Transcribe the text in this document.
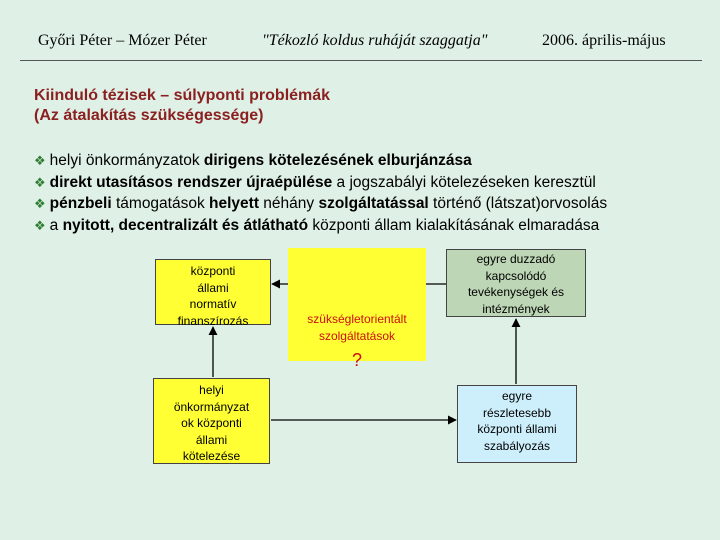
Győri Péter – Mózer Péter	"Tékozló koldus ruháját szaggatja"	2006. április-május
Kiinduló tézisek – súlyponti problémák
(Az átalakítás szükségessége)
❖ helyi önkormányzatok dirigens kötelezésének elburjánzása
❖ direkt utasításos rendszer újraépülése a jogszabályi kötelezéseken keresztül
❖ pénzbeli támogatások helyett néhány szolgáltatással történő (látszat)orvosolás
❖ a nyitott, decentralizált és átlátható központi állam kialakításának elmaradása
központi
állami
normatív
finanszírozás
helyi
önkormányzat
ok központi
állami
kötelezése
szükségletorientált
szolgáltatások
?
egyre duzzadó
kapcsolódó
tevékenységek és
intézmények
egyre
részletesebb
központi állami
szabályozás
